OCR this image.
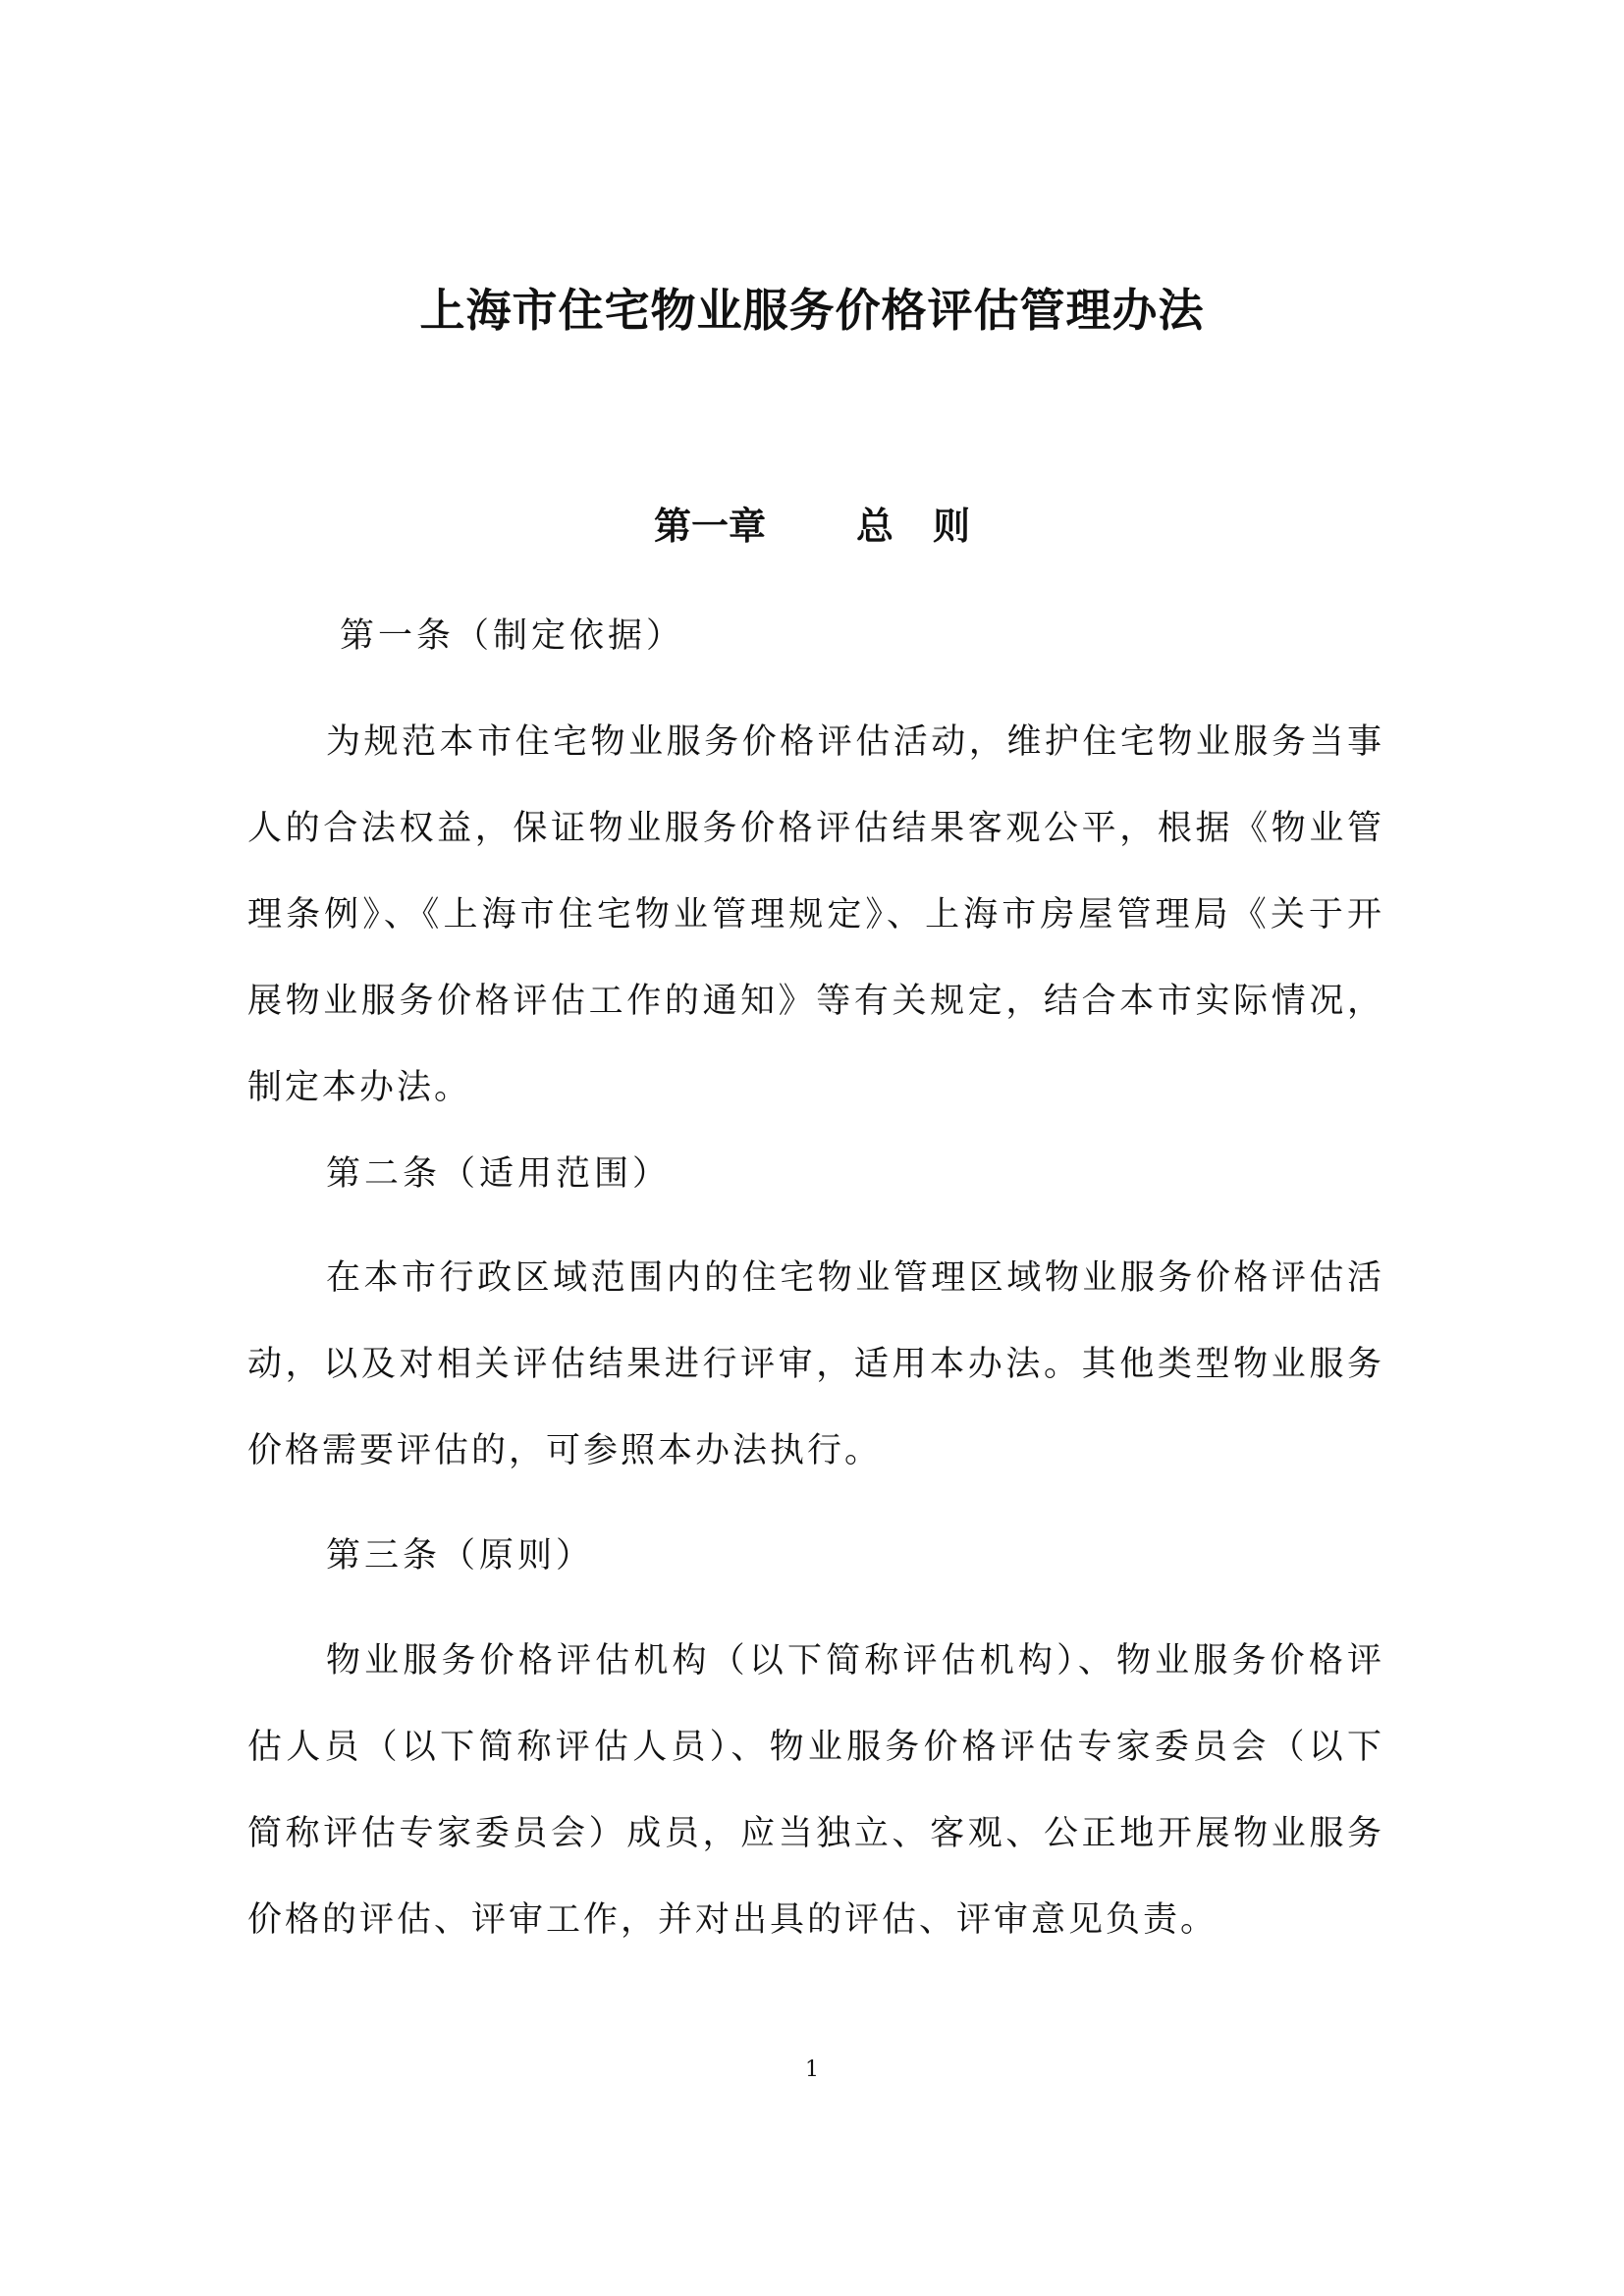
上海市住宅物业服务价格评估管理办法
第一章 总 则

第一条（制定依据）

为规范本市住宅物业服务价格评估活动，维护住宅物业服务当事人的合法权益，保证物业服务价格评估结果客观公平，根据《物业管理条例》、《上海市住宅物业管理规定》、上海市房屋管理局《关于开展物业服务价格评估工作的通知》等有关规定，结合本市实际情况，制定本办法。

第二条（适用范围）

在本市行政区域范围内的住宅物业管理区域物业服务价格评估活动，以及对相关评估结果进行评审，适用本办法。其他类型物业服务价格需要评估的，可参照本办法执行。

第三条（原则）

物业服务价格评估机构（以下简称评估机构）、物业服务价格评估人员（以下简称评估人员）、物业服务价格评估专家委员会（以下简称评估专家委员会）成员，应当独立、客观、公正地开展物业服务价格的评估、评审工作，并对出具的评估、评审意见负责。

1
